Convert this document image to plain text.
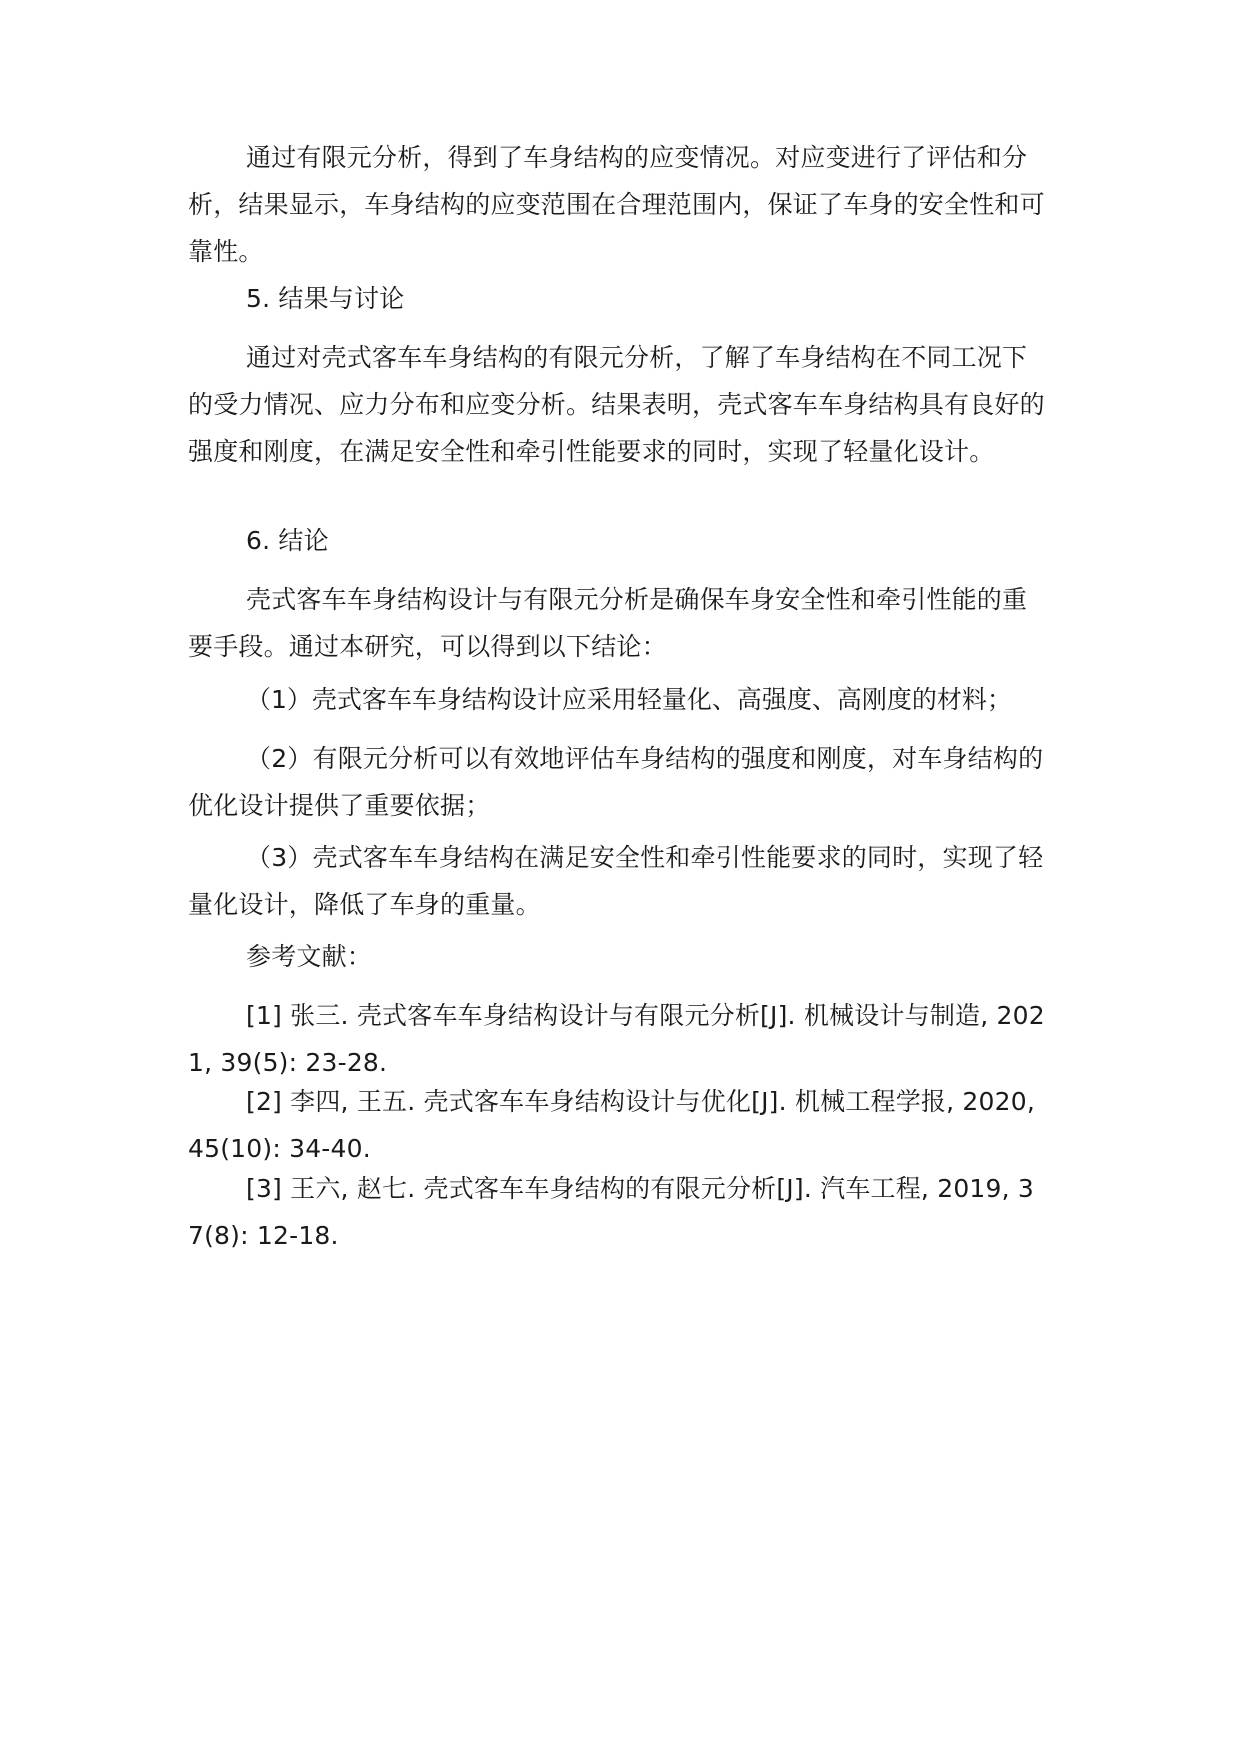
通过有限元分析，得到了车身结构的应变情况。对应变进行了评估和分析，结果显示，车身结构的应变范围在合理范围内，保证了车身的安全性和可靠性。

5. 结果与讨论

通过对壳式客车车身结构的有限元分析，了解了车身结构在不同工况下的受力情况、应力分布和应变分析。结果表明，壳式客车车身结构具有良好的强度和刚度，在满足安全性和牵引性能要求的同时，实现了轻量化设计。

6. 结论

壳式客车车身结构设计与有限元分析是确保车身安全性和牵引性能的重要手段。通过本研究，可以得到以下结论：

（1）壳式客车车身结构设计应采用轻量化、高强度、高刚度的材料；

（2）有限元分析可以有效地评估车身结构的强度和刚度，对车身结构的优化设计提供了重要依据；

（3）壳式客车车身结构在满足安全性和牵引性能要求的同时，实现了轻量化设计，降低了车身的重量。

参考文献：

[1] 张三. 壳式客车车身结构设计与有限元分析[J]. 机械设计与制造, 2021, 39(5): 23-28.

[2] 李四, 王五. 壳式客车车身结构设计与优化[J]. 机械工程学报, 2020, 45(10): 34-40.

[3] 王六, 赵七. 壳式客车车身结构的有限元分析[J]. 汽车工程, 2019, 37(8): 12-18.
